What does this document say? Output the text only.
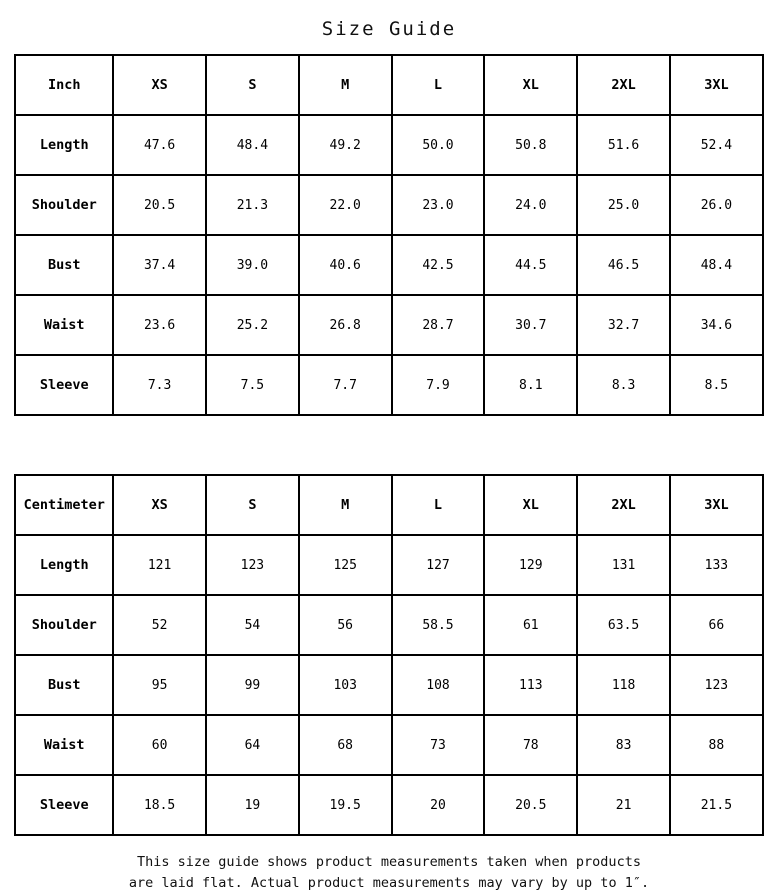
Size Guide
Inch	XS	S	M	L	XL	2XL	3XL
Length	47.6	48.4	49.2	50.0	50.8	51.6	52.4
Shoulder	20.5	21.3	22.0	23.0	24.0	25.0	26.0
Bust	37.4	39.0	40.6	42.5	44.5	46.5	48.4
Waist	23.6	25.2	26.8	28.7	30.7	32.7	34.6
Sleeve	7.3	7.5	7.7	7.9	8.1	8.3	8.5
Centimeter	XS	S	M	L	XL	2XL	3XL
Length	121	123	125	127	129	131	133
Shoulder	52	54	56	58.5	61	63.5	66
Bust	95	99	103	108	113	118	123
Waist	60	64	68	73	78	83	88
Sleeve	18.5	19	19.5	20	20.5	21	21.5
This size guide shows product measurements taken when products
are laid flat. Actual product measurements may vary by up to 1″.
